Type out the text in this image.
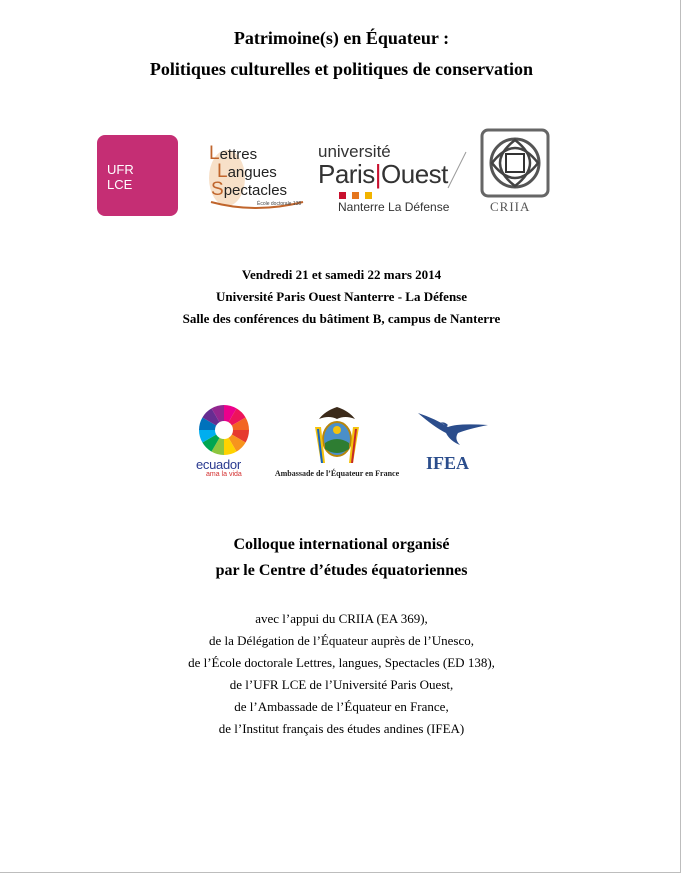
Patrimoine(s) en Équateur :
Politiques culturelles et politiques de conservation
UFR
LCE
Lettres
Langues
Spectacles
École doctorale 138
université
Paris|Ouest
Nanterre La Défense	CRIIA
Vendredi 21 et samedi 22 mars 2014
Université Paris Ouest Nanterre - La Défense
Salle des conférences du bâtiment B, campus de Nanterre
ecuador
ama la vida	Ambassade de l’Équateur en France
IFEA
Colloque international organisé
par le Centre d’études équatoriennes
avec l’appui du CRIIA (EA 369),
de la Délégation de l’Équateur auprès de l’Unesco,
de l’École doctorale Lettres, langues, Spectacles (ED 138),
de l’UFR LCE de l’Université Paris Ouest,
de l’Ambassade de l’Équateur en France,
de l’Institut français des études andines (IFEA)
